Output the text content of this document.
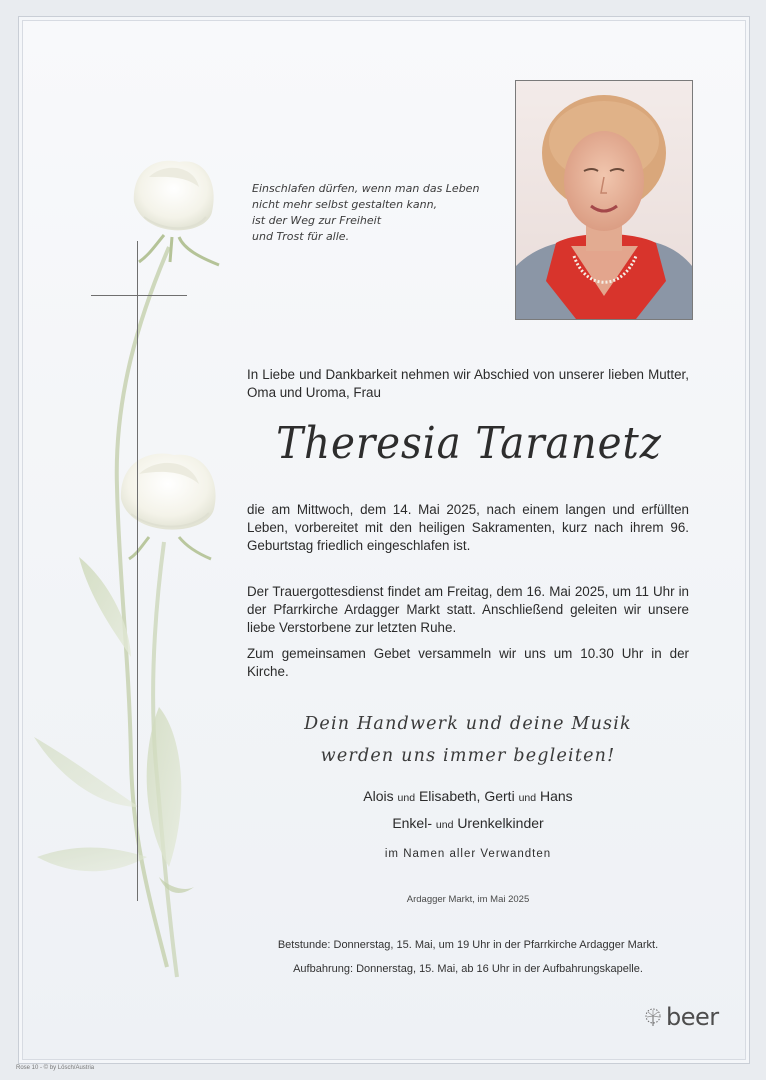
Einschlafen dürfen, wenn man das Leben
nicht mehr selbst gestalten kann,
ist der Weg zur Freiheit
und Trost für alle.

In Liebe und Dankbarkeit nehmen wir Abschied von unserer lieben Mutter, Oma und Uroma, Frau

Theresia Taranetz

die am Mittwoch, dem 14. Mai 2025, nach einem langen und erfüllten Leben, vorbereitet mit den heiligen Sakramenten, kurz nach ihrem 96. Geburtstag friedlich eingeschlafen ist.

Der Trauergottesdienst findet am Freitag, dem 16. Mai 2025, um 11 Uhr in der Pfarrkirche Ardagger Markt statt. Anschließend geleiten wir unsere liebe Verstorbene zur letzten Ruhe.

Zum gemeinsamen Gebet versammeln wir uns um 10.30 Uhr in der Kirche.

Dein Handwerk und deine Musik
werden uns immer begleiten!
Alois und Elisabeth, Gerti und Hans
Enkel- und Urenkelkinder
im Namen aller Verwandten
Ardagger Markt, im Mai 2025
Betstunde: Donnerstag, 15. Mai, um 19 Uhr in der Pfarrkirche Ardagger Markt.
Aufbahrung: Donnerstag, 15. Mai, ab 16 Uhr in der Aufbahrungskapelle.
beer
Rose 10 - © by Lösch/Austria
